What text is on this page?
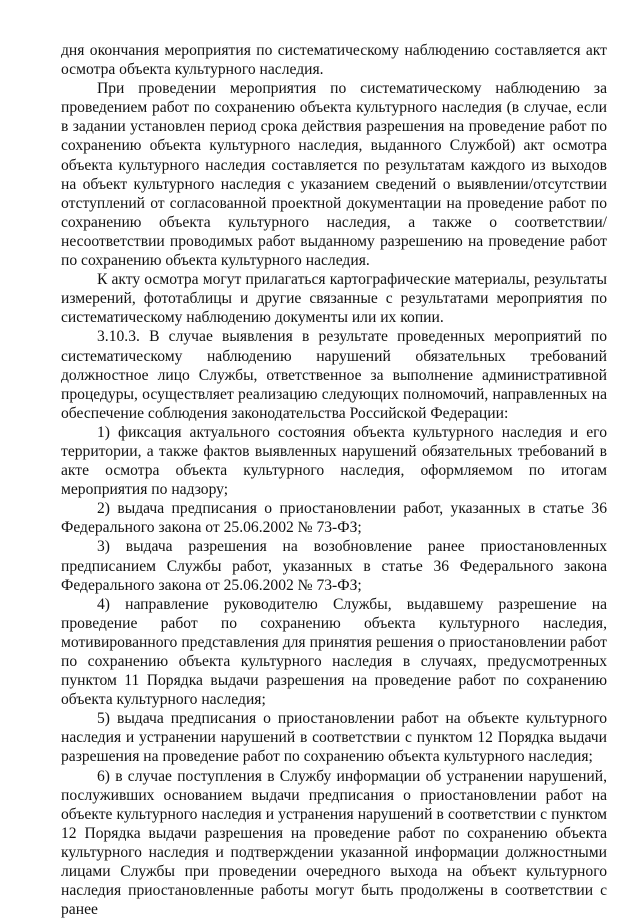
дня окончания мероприятия по систематическому наблюдению составляется акт осмотра объекта культурного наследия.

При проведении мероприятия по систематическому наблюдению за проведением работ по сохранению объекта культурного наследия (в случае, если в задании установлен период срока действия разрешения на проведение работ по сохранению объекта культурного наследия, выданного Службой) акт осмотра объекта культурного наследия составляется по результатам каждого из выходов на объект культурного наследия с указанием сведений о выявлении/отсутствии отступлений от согласованной проектной документации на проведение работ по сохранению объекта культурного наследия, а также о соответствии/несоответствии проводимых работ выданному разрешению на проведение работ по сохранению объекта культурного наследия.

К акту осмотра могут прилагаться картографические материалы, результаты измерений, фототаблицы и другие связанные с результатами мероприятия по систематическому наблюдению документы или их копии.

3.10.3. В случае выявления в результате проведенных мероприятий по систематическому наблюдению нарушений обязательных требований должностное лицо Службы, ответственное за выполнение административной процедуры, осуществляет реализацию следующих полномочий, направленных на обеспечение соблюдения законодательства Российской Федерации:

1) фиксация актуального состояния объекта культурного наследия и его территории, а также фактов выявленных нарушений обязательных требований в акте осмотра объекта культурного наследия, оформляемом по итогам мероприятия по надзору;

2) выдача предписания о приостановлении работ, указанных в статье 36 Федерального закона от 25.06.2002 № 73-ФЗ;

3) выдача разрешения на возобновление ранее приостановленных предписанием Службы работ, указанных в статье 36 Федерального закона Федерального закона от 25.06.2002 № 73-ФЗ;

4) направление руководителю Службы, выдавшему разрешение на проведение работ по сохранению объекта культурного наследия, мотивированного представления для принятия решения о приостановлении работ по сохранению объекта культурного наследия в случаях, предусмотренных пунктом 11 Порядка выдачи разрешения на проведение работ по сохранению объекта культурного наследия;

5) выдача предписания о приостановлении работ на объекте культурного наследия и устранении нарушений в соответствии с пунктом 12 Порядка выдачи разрешения на проведение работ по сохранению объекта культурного наследия;

6) в случае поступления в Службу информации об устранении нарушений, послуживших основанием выдачи предписания о приостановлении работ на объекте культурного наследия и устранения нарушений в соответствии с пунктом 12 Порядка выдачи разрешения на проведение работ по сохранению объекта культурного наследия и подтверждении указанной информации должностными лицами Службы при проведении очередного выхода на объект культурного наследия приостановленные работы могут быть продолжены в соответствии с ранее
